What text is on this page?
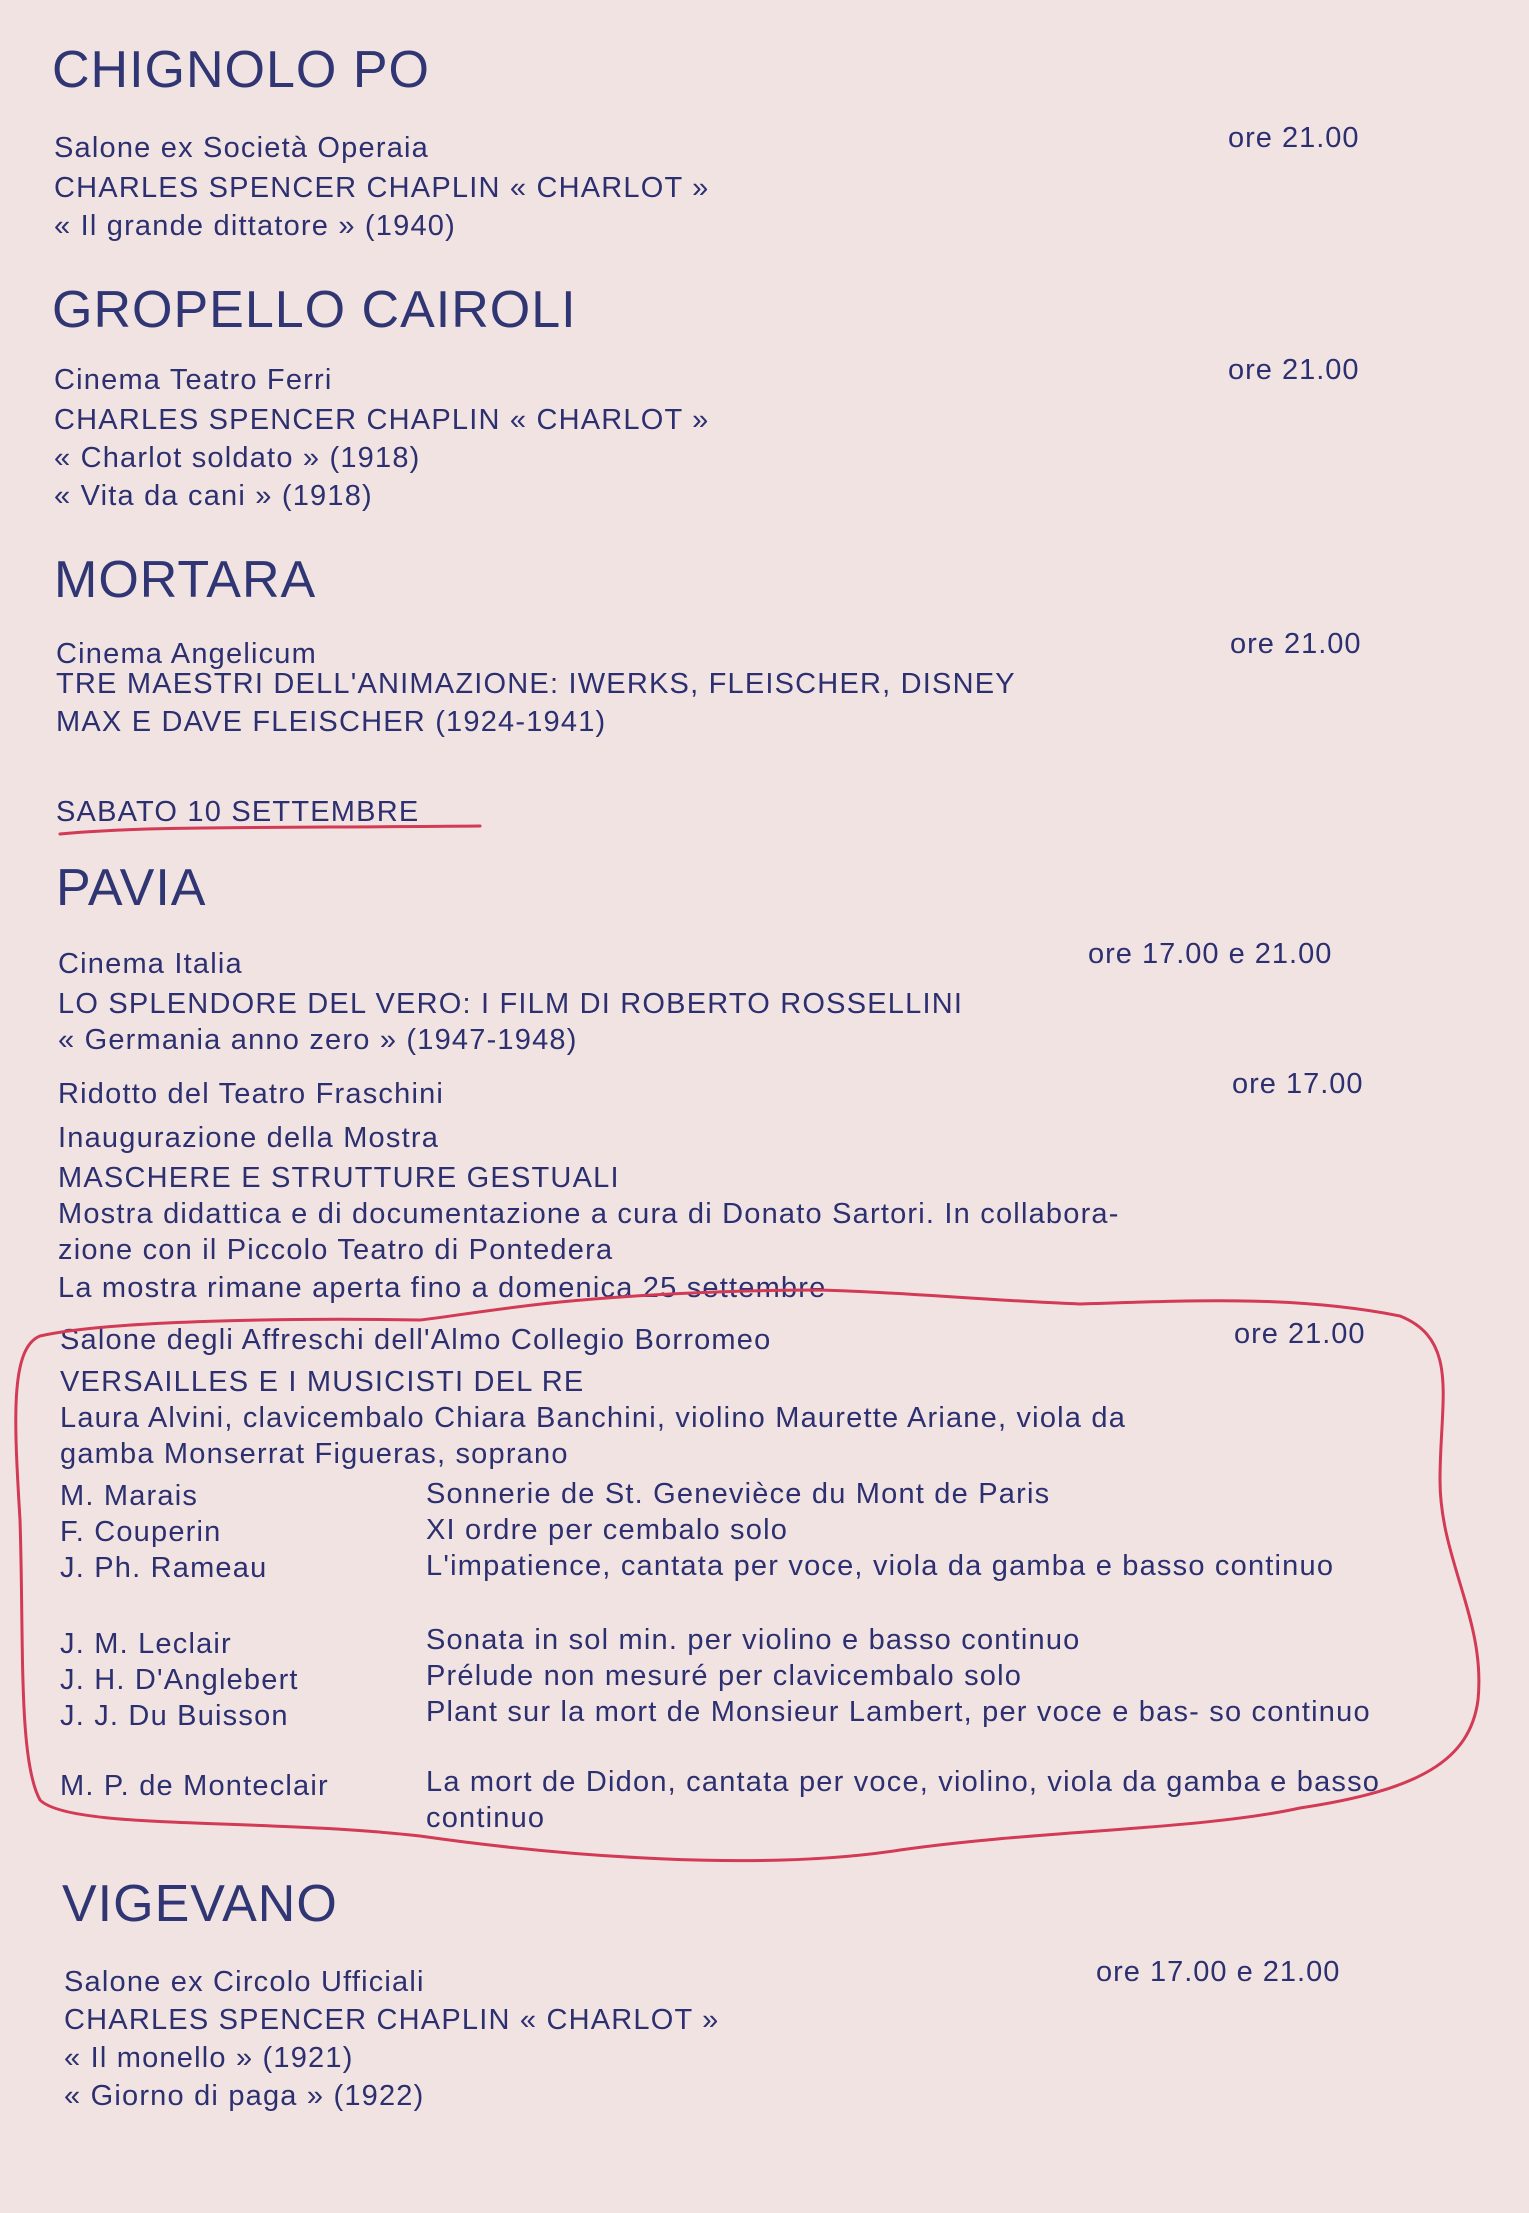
CHIGNOLO PO
Salone ex Società Operaia	ore 21.00
CHARLES SPENCER CHAPLIN « CHARLOT »
« Il grande dittatore » (1940)
GROPELLO CAIROLI
Cinema Teatro Ferri	ore 21.00
CHARLES SPENCER CHAPLIN « CHARLOT »
« Charlot soldato » (1918)
« Vita da cani » (1918)
MORTARA
Cinema Angelicum	ore 21.00
TRE MAESTRI DELL'ANIMAZIONE: IWERKS, FLEISCHER, DISNEY
MAX E DAVE FLEISCHER (1924-1941)
SABATO 10 SETTEMBRE
PAVIA
Cinema Italia	ore 17.00 e 21.00
LO SPLENDORE DEL VERO: I FILM DI ROBERTO ROSSELLINI
« Germania anno zero » (1947-1948)
Ridotto del Teatro Fraschini	ore 17.00
Inaugurazione della Mostra
MASCHERE E STRUTTURE GESTUALI
Mostra didattica e di documentazione a cura di Donato Sartori. In collabora-
zione con il Piccolo Teatro di Pontedera
La mostra rimane aperta fino a domenica 25 settembre
Salone degli Affreschi dell'Almo Collegio Borromeo	ore 21.00
VERSAILLES E I MUSICISTI DEL RE
Laura Alvini, clavicembalo Chiara Banchini, violino Maurette Ariane, viola da
gamba Monserrat Figueras, soprano
M. Marais	Sonnerie de St. Genevièce du Mont de Paris
F. Couperin	XI ordre per cembalo solo
J. Ph. Rameau	L'impatience, cantata per voce, viola da gamba e basso continuo
J. M. Leclair	Sonata in sol min. per violino e basso continuo
J. H. D'Anglebert	Prélude non mesuré per clavicembalo solo
J. J. Du Buisson	Plant sur la mort de Monsieur Lambert, per voce e bas- so continuo
M. P. de Monteclair	La mort de Didon, cantata per voce, violino, viola da gamba e basso continuo
VIGEVANO
Salone ex Circolo Ufficiali	ore 17.00 e 21.00
CHARLES SPENCER CHAPLIN « CHARLOT »
« Il monello » (1921)
« Giorno di paga » (1922)
